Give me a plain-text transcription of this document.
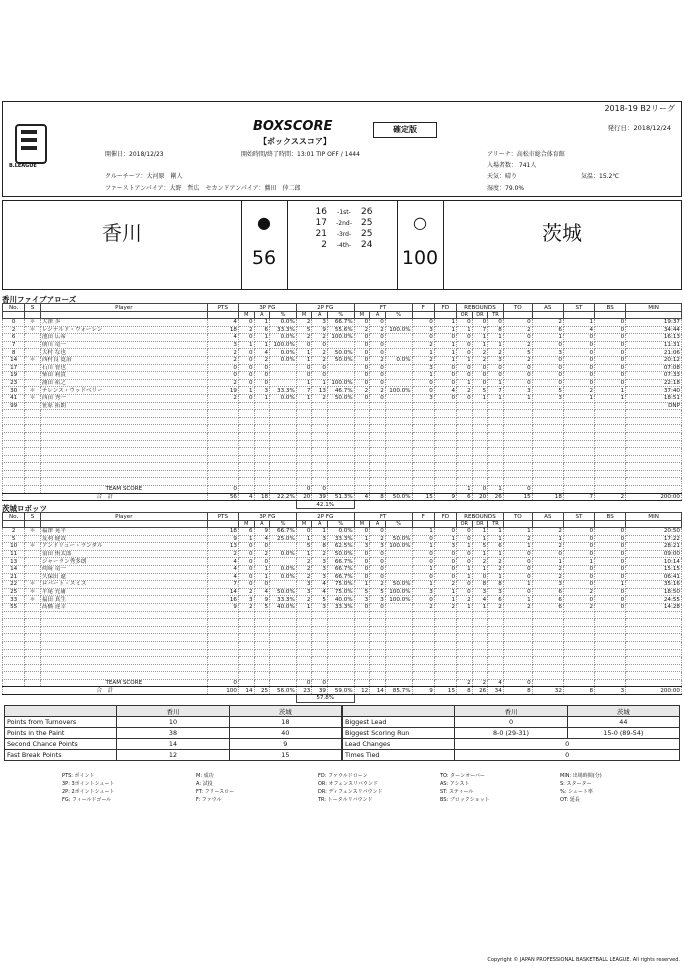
2018-19 B2リーグ
B.LEAGUE
BOXSCORE
【ボックススコア】
確定版	発行日：2018/12/24
開催日：2018/12/23	開始時間/終了時間：13:01 TIP OFF / 1444	アリーナ：高松市総合体育館
入場者数： 741人
天気：晴り	気温：15.2℃
湿度：79.0%
クルーチーフ：大河原　剛人
ファーストアンパイア：大野　哲広　セカンドアンパイア：薦田　倖二郎
香川	茨城
●	○
56	100
16	-1st-	26
17	-2nd-	25
21	-3rd-	25
2	-4th-	24
香川ファイブアローズ
No.	S	Player	PTS	3P FG			2P FG			FT			F	FD	REBOUNDS			TO	AS	ST	BS	MIN
				M	A	%	M	A	%	M	A	%			OR	DR	TR					
0	＊	大澤 歩	4	0	1	0.0%	2	3	66.7%	0	0		0	1	0	0	0	0	2	1	0	19:37
2	＊	レジナルド・ウォーレン	18	2	6	33.3%	5	9	55.6%	2	2	100.0%	3	1	1	7	8	2	6	4	0	34:44
6		池田 広希	4	0	1	0.0%	2	2	100.0%	0	0		0	0	0	1	1	0	1	0	0	16:13
7		則川 竜一	3	1	1	100.0%	0	0		0	0		2	1	0	1	1	2	0	0	0	11:31
8		大村 な也	2	0	4	0.0%	1	2	50.0%	0	0		1	1	0	2	2	5	3	0	0	21:06
14	＊	西村良 寛治	2	0	2	0.0%	1	2	50.0%	0	2	0.0%	2	1	1	2	3	2	0	0	0	20:12
17		石川 智也	0	0	0		0	0		0	0		3	0	0	0	0	0	0	0	0	07:08
19		柴田 莉貴	0	0	0		0	0		0	0		1	0	0	0	0	0	0	0	0	07:33
23		浦田 祐之	2	0	0		1	1	100.0%	0	0		0	0	1	0	1	0	0	0	0	22:18
30	＊	テレンス・ウッドベリー	19	1	3	33.3%	7	13	46.7%	2	2	100.0%	0	4	2	5	7	3	5	2	1	37:40
41	＊	西田 秀一	2	0	1	0.0%	1	2	50.0%	0	0		3	0	0	1	1	1	3	1	1	18:51
99		笹原 拓朗																				DNP

		TEAM SCORE	0				0	0							1	0	1	0				
合　計			56	4	18	22.2%	20	39	51.3%	4	8	50.0%	15	9	6	20	26	15	18	7	2	200:00
							42.1%															
茨城ロボッツ
No.	S	Player	PTS	3P FG			2P FG			FT			F	FD	REBOUNDS			TO	AS	ST	BS	MIN
				M	A	%	M	A	%	M	A	%			OR	DR	TR					
2	＊	福澤 晃平	18	6	9	66.7%	0	1	0.0%	0	0		1	0	0	1	1	1	2	0	0	20:50
5		友利 健哉	9	1	4	25.0%	1	3	33.3%	1	2	50.0%	0	1	0	1	1	2	1	0	0	17:22
10	＊	アンドリュー・ランダル	13	0	0		5	8	62.5%	3	3	100.0%	1	3	1	5	6	1	2	0	0	28:21
11		須田 侑太郎	2	0	2	0.0%	1	2	50.0%	0	0		0	0	0	1	1	0	0	0	0	09:00
13		ジャーラン秀多朗	4	0	0		2	3	66.7%	0	0		0	0	0	2	2	0	1	1	0	10:14
14		眞﨑 竜一	4	0	1	0.0%	2	3	66.7%	0	0		1	0	1	1	2	0	2	0	0	15:15
21		久保田 遼	4	0	1	0.0%	2	3	66.7%	0	0		0	0	1	0	1	0	2	0	0	06:41
22	＊	ロバート・スミス	7	0	0		3	4	75.0%	1	2	50.0%	1	2	0	8	8	1	3	0	1	35:16
25	＊	平尾 充庸	14	2	4	50.0%	3	4	75.0%	5	5	100.0%	3	1	0	3	3	0	6	2	0	18:50
33	＊	福田 真生	16	3	9	33.3%	2	5	40.0%	3	3	100.0%	0	1	2	4	6	1	6	0	0	24:55
55		髙橋 達幸	9	2	5	40.0%	1	3	33.3%	0	0		2	2	1	1	2	2	6	2	0	14:28

		TEAM SCORE	0				0	0							2	2	4	0				
合　計			100	14	25	56.0%	23	39	59.0%	12	14	85.7%	9	15	8	26	34	8	32	8	3	200:00
							57.8%															
	香川	茨城
Points from Turnovers	10	18
Points in the Paint	38	40
Second Chance Points	14	9
Fast Break Points	12	15
	香川	茨城
Biggest Lead	0	44
Biggest Scoring Run	8-0 (29-31)	15-0 (89-54)
Lead Changes	0	
Times Tied	0	
PTS: ポイント	M: 成功	FD: ファウルドローン	TO: ターンオーバー	MIN: 出場時間(分)
3P: 3ポイントシュート	A: 試投	OR: オフェンスリバウンド	AS: アシスト	S: スターター
2P: 2ポイントシュート	FT: フリースロー	DR: ディフェンスリバウンド	ST: スティール	%: シュート率
FG: フィールドゴール	F: ファウル	TR: トータルリバウンド	BS: ブロックショット	OT: 延長
Copyright © JAPAN PROFESSIONAL BASKETBALL LEAGUE. All rights reserved.
